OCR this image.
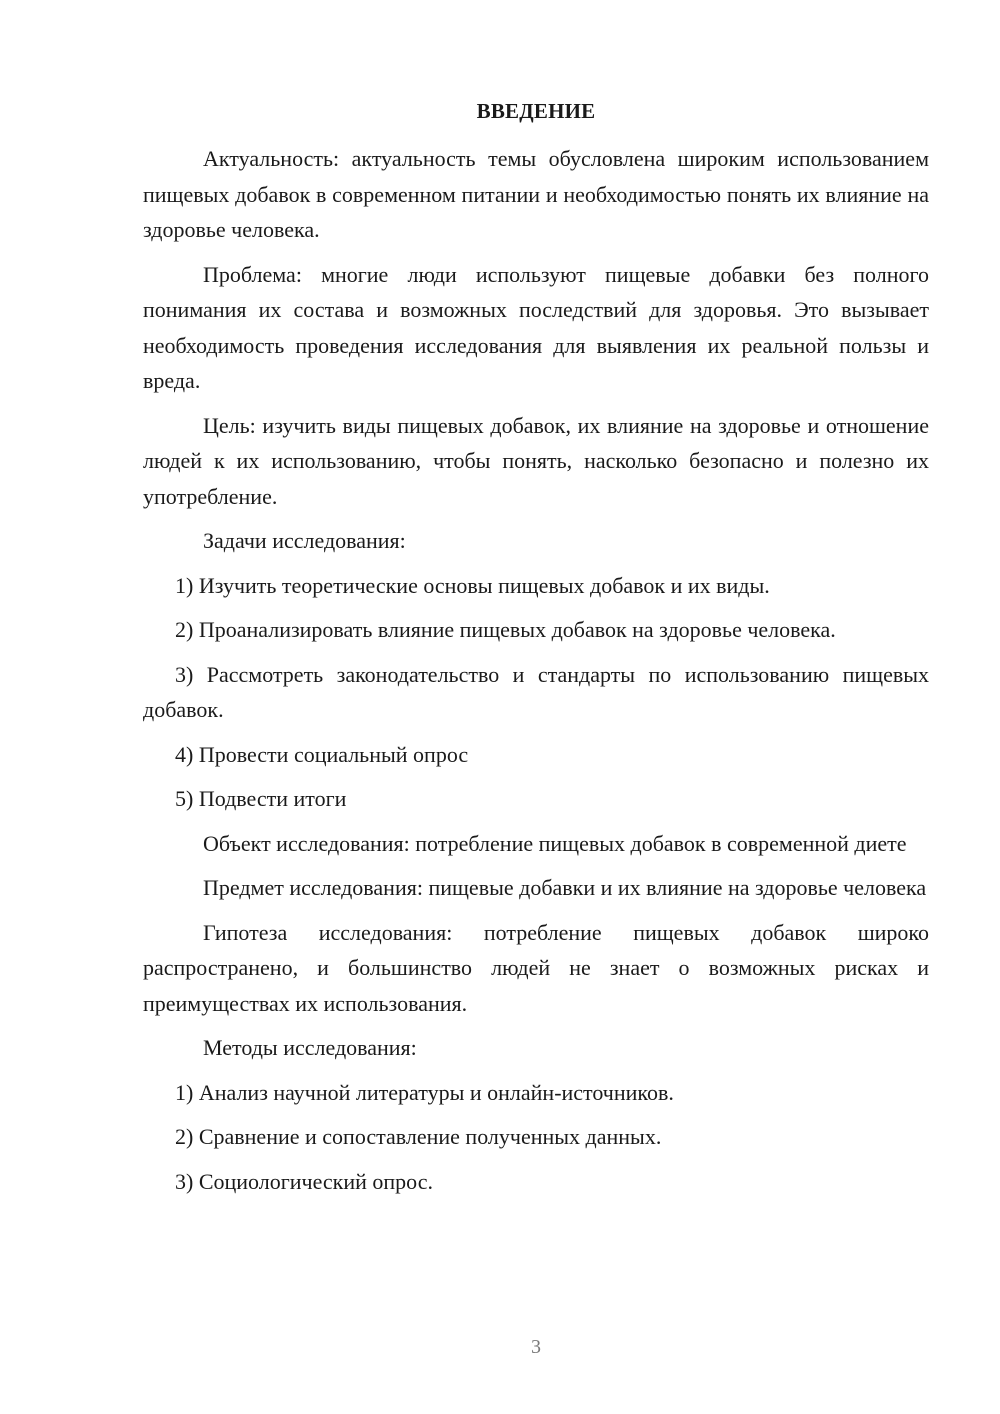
ВВЕДЕНИЕ

Актуальность: актуальность темы обусловлена широким использованием пищевых добавок в современном питании и необходимостью понять их влияние на здоровье человека.

Проблема: многие люди используют пищевые добавки без полного понимания их состава и возможных последствий для здоровья. Это вызывает необходимость проведения исследования для выявления их реальной пользы и вреда.

Цель: изучить виды пищевых добавок, их влияние на здоровье и отношение людей к их использованию, чтобы понять, насколько безопасно и полезно их употребление.

Задачи исследования:

1) Изучить теоретические основы пищевых добавок и их виды.

2) Проанализировать влияние пищевых добавок на здоровье человека.

3) Рассмотреть законодательство и стандарты по использованию пищевых добавок.

4) Провести социальный опрос

5) Подвести итоги

Объект исследования: потребление пищевых добавок в современной диете

Предмет исследования: пищевые добавки и их влияние на здоровье человека

Гипотеза исследования: потребление пищевых добавок широко распространено, и большинство людей не знает о возможных рисках и преимуществах их использования.

Методы исследования:

1) Анализ научной литературы и онлайн-источников.

2) Сравнение и сопоставление полученных данных.

3) Социологический опрос.

3
